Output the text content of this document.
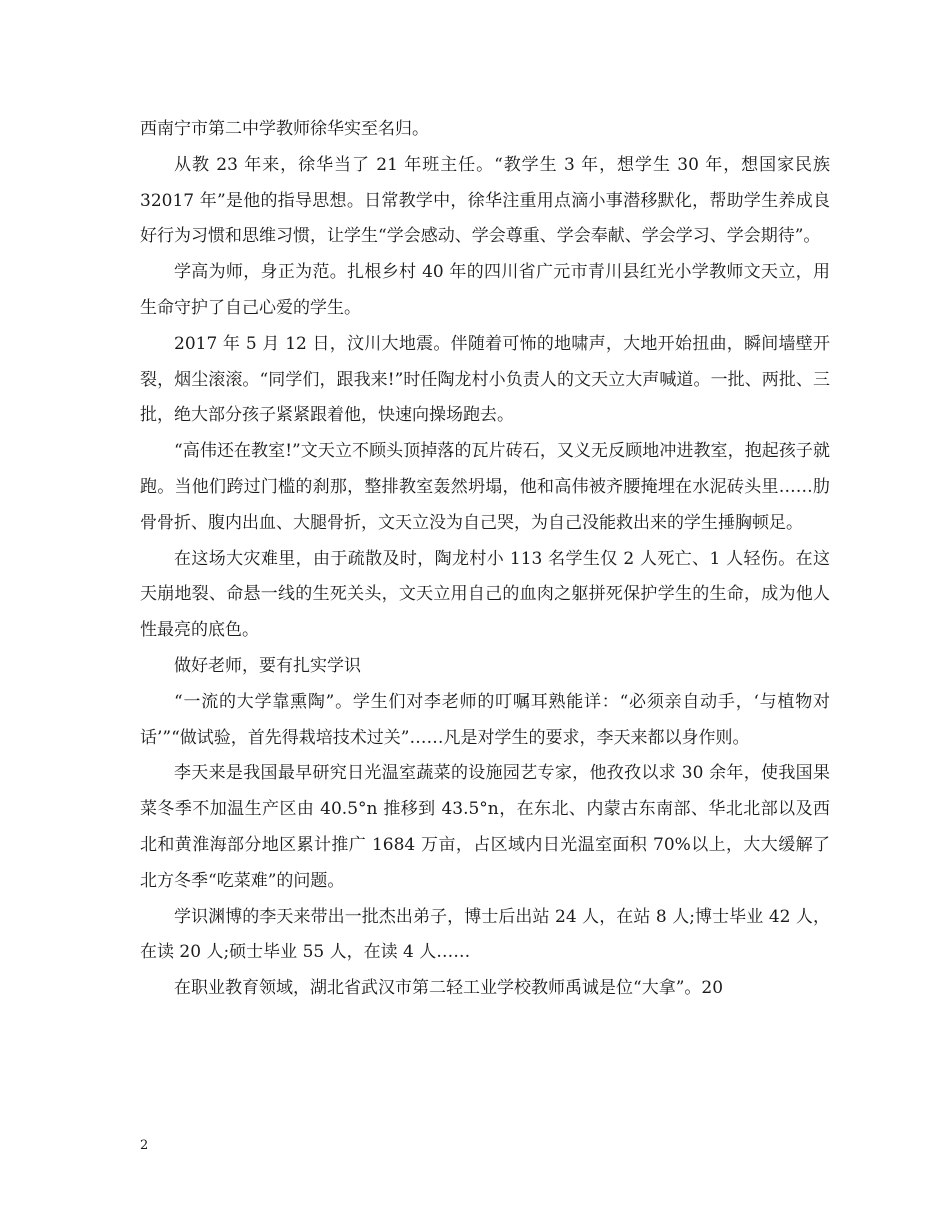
西南宁市第二中学教师徐华实至名归。

从教 23 年来，徐华当了 21 年班主任。“教学生 3 年，想学生 30 年，想国家民族 32017 年”是他的指导思想。日常教学中，徐华注重用点滴小事潜移默化，帮助学生养成良好行为习惯和思维习惯，让学生“学会感动、学会尊重、学会奉献、学会学习、学会期待”。

学高为师，身正为范。扎根乡村 40 年的四川省广元市青川县红光小学教师文天立，用生命守护了自己心爱的学生。

2017 年 5 月 12 日，汶川大地震。伴随着可怖的地啸声，大地开始扭曲，瞬间墙壁开裂，烟尘滚滚。“同学们，跟我来!”时任陶龙村小负责人的文天立大声喊道。一批、两批、三批，绝大部分孩子紧紧跟着他，快速向操场跑去。

“高伟还在教室!”文天立不顾头顶掉落的瓦片砖石，又义无反顾地冲进教室，抱起孩子就跑。当他们跨过门槛的刹那，整排教室轰然坍塌，他和高伟被齐腰掩埋在水泥砖头里……肋骨骨折、腹内出血、大腿骨折，文天立没为自己哭，为自己没能救出来的学生捶胸顿足。

在这场大灾难里，由于疏散及时，陶龙村小 113 名学生仅 2 人死亡、1 人轻伤。在这天崩地裂、命悬一线的生死关头，文天立用自己的血肉之躯拼死保护学生的生命，成为他人性最亮的底色。

做好老师，要有扎实学识

“一流的大学靠熏陶”。学生们对李老师的叮嘱耳熟能详：“必须亲自动手，‘与植物对话’”“做试验，首先得栽培技术过关”……凡是对学生的要求，李天来都以身作则。

李天来是我国最早研究日光温室蔬菜的设施园艺专家，他孜孜以求 30 余年，使我国果菜冬季不加温生产区由 40.5°n 推移到 43.5°n，在东北、内蒙古东南部、华北北部以及西北和黄淮海部分地区累计推广 1684 万亩，占区域内日光温室面积 70%以上，大大缓解了北方冬季“吃菜难”的问题。

学识渊博的李天来带出一批杰出弟子，博士后出站 24 人，在站 8 人;博士毕业 42 人，在读 20 人;硕士毕业 55 人，在读 4 人……

在职业教育领域，湖北省武汉市第二轻工业学校教师禹诚是位“大拿”。20

2
